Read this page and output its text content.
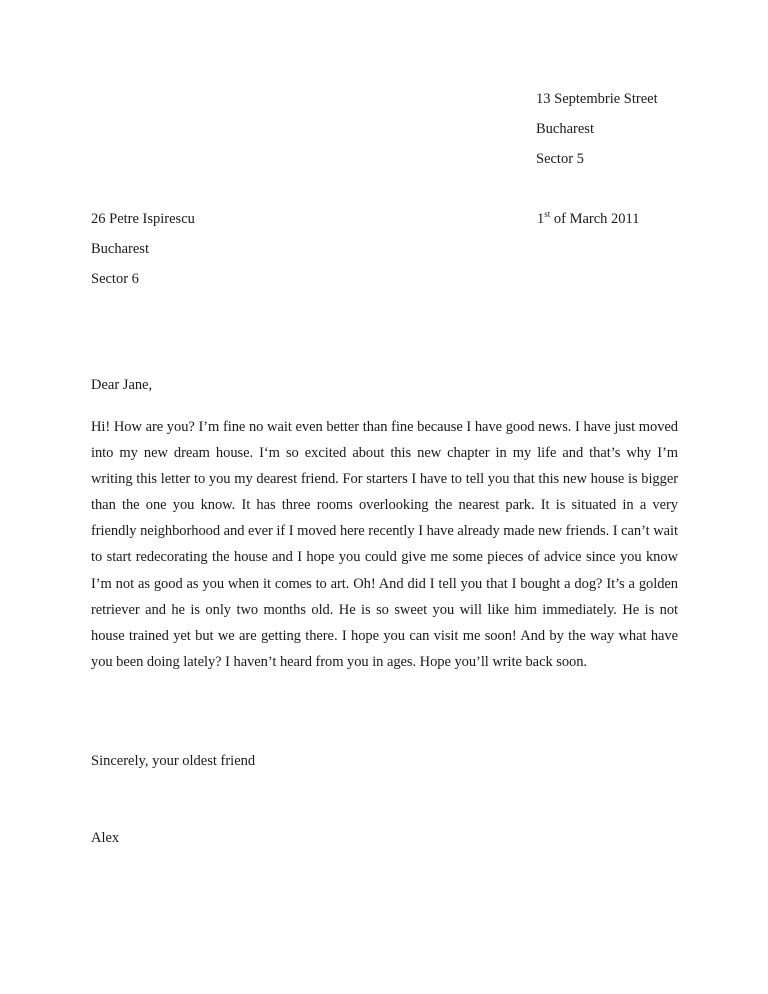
13 Septembrie Street
Bucharest
Sector 5
26 Petre Ispirescu
Bucharest
Sector 6
1st of March 2011
Dear Jane,
Hi! How are you? I’m fine no wait even better than fine because I have good news. I have just moved into my new dream house. I‘m so excited about this new chapter in my life and that’s why I’m writing this letter to you my dearest friend. For starters I have to tell you that this new house is bigger than the one you know. It has three rooms overlooking the nearest park. It is situated in a very friendly neighborhood and ever if I moved here recently I have already made new friends. I can’t wait to start redecorating the house and I hope you could give me some pieces of advice since you know I’m not as good as you when it comes to art. Oh! And did I tell you that I bought a dog? It’s a golden retriever and he is only two months old. He is so sweet you will like him immediately. He is not house trained yet but we are getting there. I hope you can visit me soon! And by the way what have you been doing lately? I haven’t heard from you in ages. Hope you’ll write back soon.
Sincerely, your oldest friend
Alex
